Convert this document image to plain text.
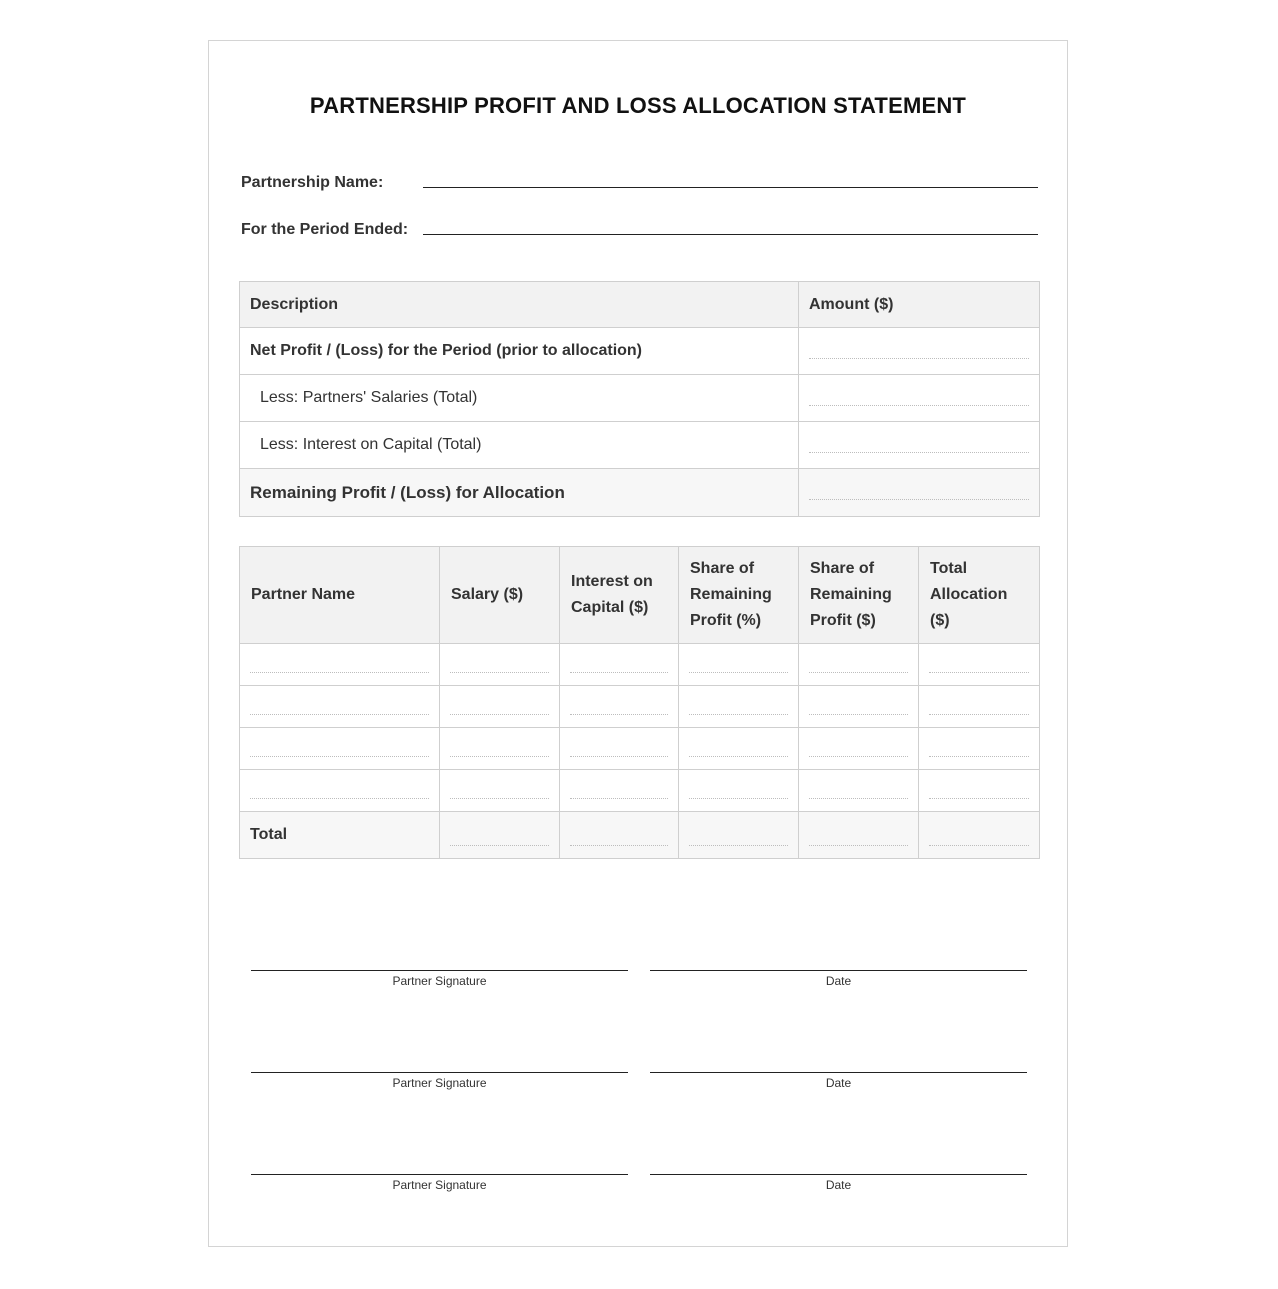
PARTNERSHIP PROFIT AND LOSS ALLOCATION STATEMENT
Partnership Name:
For the Period Ended:
Description	Amount ($)
Net Profit / (Loss) for the Period (prior to allocation)	

Less: Partners' Salaries (Total)	

Less: Interest on Capital (Total)	

Remaining Profit / (Loss) for Allocation	
Partner Name	Salary ($)	Interest on Capital ($)	Share of Remaining Profit (%)	Share of Remaining Profit ($)	Total Allocation ($)

Total	

Partner Signature	Date
Partner Signature	Date
Partner Signature	Date
